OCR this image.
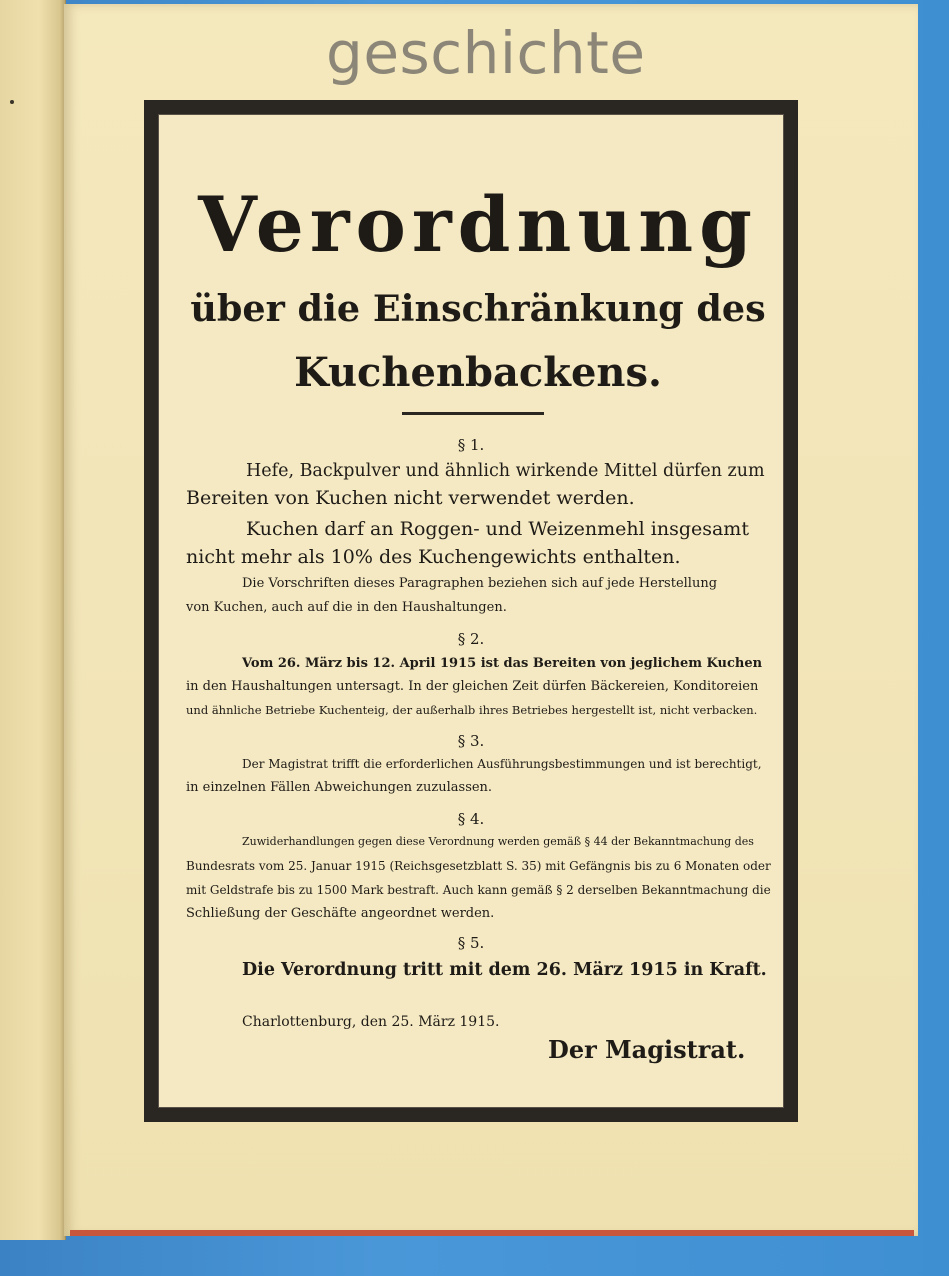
geschichte
Verordnung
über die Einschränkung des
Kuchenbackens.
§ 1.
Hefe, Backpulver und ähnlich wirkende Mittel dürfen zum
Bereiten von Kuchen nicht verwendet werden.
Kuchen darf an Roggen- und Weizenmehl insgesamt
nicht mehr als 10% des Kuchengewichts enthalten.
Die Vorschriften dieses Paragraphen beziehen sich auf jede Herstellung
von Kuchen, auch auf die in den Haushaltungen.
§ 2.
Vom 26. März bis 12. April 1915 ist das Bereiten von jeglichem Kuchen
in den Haushaltungen untersagt. In der gleichen Zeit dürfen Bäckereien, Konditoreien
und ähnliche Betriebe Kuchenteig, der außerhalb ihres Betriebes hergestellt ist, nicht verbacken.
§ 3.
Der Magistrat trifft die erforderlichen Ausführungsbestimmungen und ist berechtigt,
in einzelnen Fällen Abweichungen zuzulassen.
§ 4.
Zuwiderhandlungen gegen diese Verordnung werden gemäß § 44 der Bekanntmachung des
Bundesrats vom 25. Januar 1915 (Reichsgesetzblatt S. 35) mit Gefängnis bis zu 6 Monaten oder
mit Geldstrafe bis zu 1500 Mark bestraft. Auch kann gemäß § 2 derselben Bekanntmachung die
Schließung der Geschäfte angeordnet werden.
§ 5.
Die Verordnung tritt mit dem 26. März 1915 in Kraft.
Charlottenburg, den 25. März 1915.
Der Magistrat.
